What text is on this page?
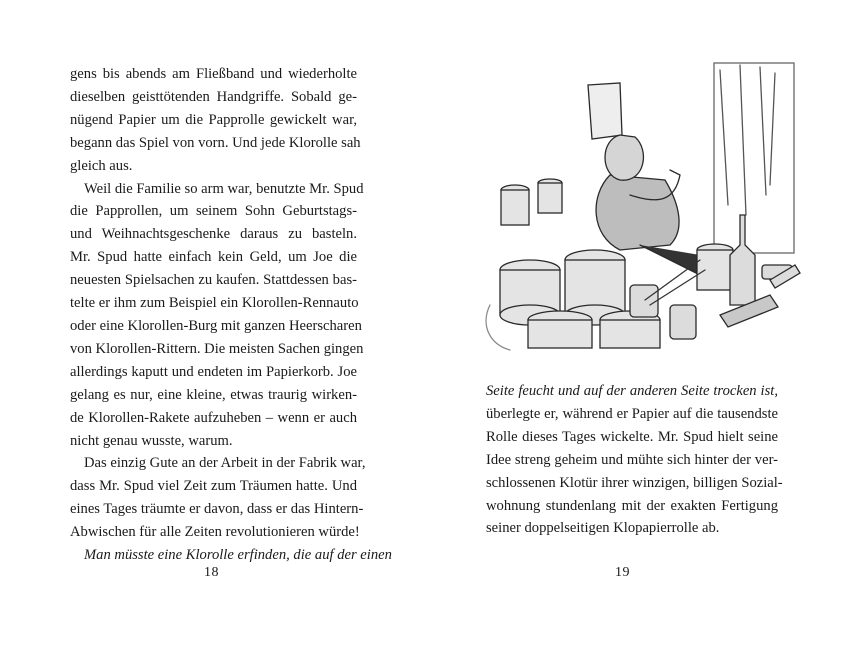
gens bis abends am Fließband und wiederholte
dieselben geisttötenden Handgriffe. Sobald ge-
nügend Papier um die Papprolle gewickelt war,
begann das Spiel von vorn. Und jede Klorolle sah
gleich aus.
Weil die Familie so arm war, benutzte Mr. Spud
die Papprollen, um seinem Sohn Geburtstags-
und Weihnachtsgeschenke daraus zu basteln.
Mr. Spud hatte einfach kein Geld, um Joe die
neuesten Spielsachen zu kaufen. Stattdessen bas-
telte er ihm zum Beispiel ein Klorollen-Rennauto
oder eine Klorollen-Burg mit ganzen Heerscharen
von Klorollen-Rittern. Die meisten Sachen gingen
allerdings kaputt und endeten im Papierkorb. Joe
gelang es nur, eine kleine, etwas traurig wirken-
de Klorollen-Rakete aufzuheben – wenn er auch
nicht genau wusste, warum.
Das einzig Gute an der Arbeit in der Fabrik war,
dass Mr. Spud viel Zeit zum Träumen hatte. Und
eines Tages träumte er davon, dass er das Hintern-
Abwischen für alle Zeiten revolutionieren würde!
Man müsste eine Klorolle erfinden, die auf der einen
18
Seite feucht und auf der anderen Seite trocken ist,
überlegte er, während er Papier auf die tausendste
Rolle dieses Tages wickelte. Mr. Spud hielt seine
Idee streng geheim und mühte sich hinter der ver-
schlossenen Klotür ihrer winzigen, billigen Sozial-
wohnung stundenlang mit der exakten Fertigung
seiner doppelseitigen Klopapierrolle ab.
19
